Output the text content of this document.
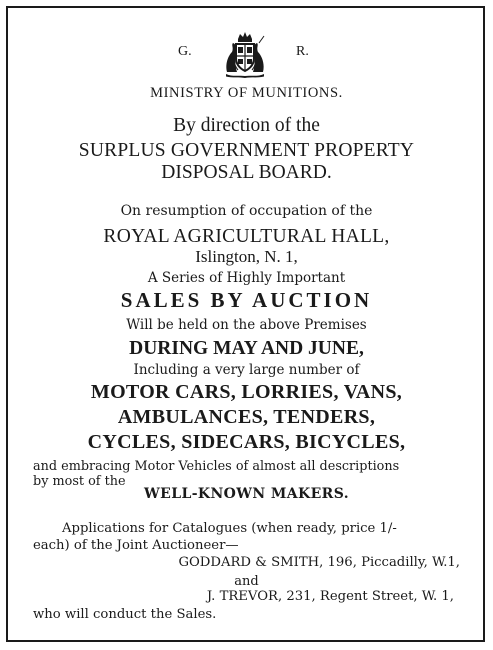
G.	R.
MINISTRY OF MUNITIONS.
By direction of the
SURPLUS GOVERNMENT PROPERTY
DISPOSAL BOARD.
On resumption of occupation of the
ROYAL AGRICULTURAL HALL,
Islington, N. 1,
A Series of Highly Important
SALES BY AUCTION
Will be held on the above Premises
DURING MAY AND JUNE,
Including a very large number of
MOTOR CARS, LORRIES, VANS,
AMBULANCES, TENDERS,
CYCLES, SIDECARS, BICYCLES,
and embracing Motor Vehicles of almost all descriptions
by most of the
WELL-KNOWN MAKERS.
Applications for Catalogues (when ready, price 1/-
each) of the Joint Auctioneer—
GODDARD & SMITH, 196, Piccadilly, W.1,
and
J. TREVOR, 231, Regent Street, W. 1,
who will conduct the Sales.
